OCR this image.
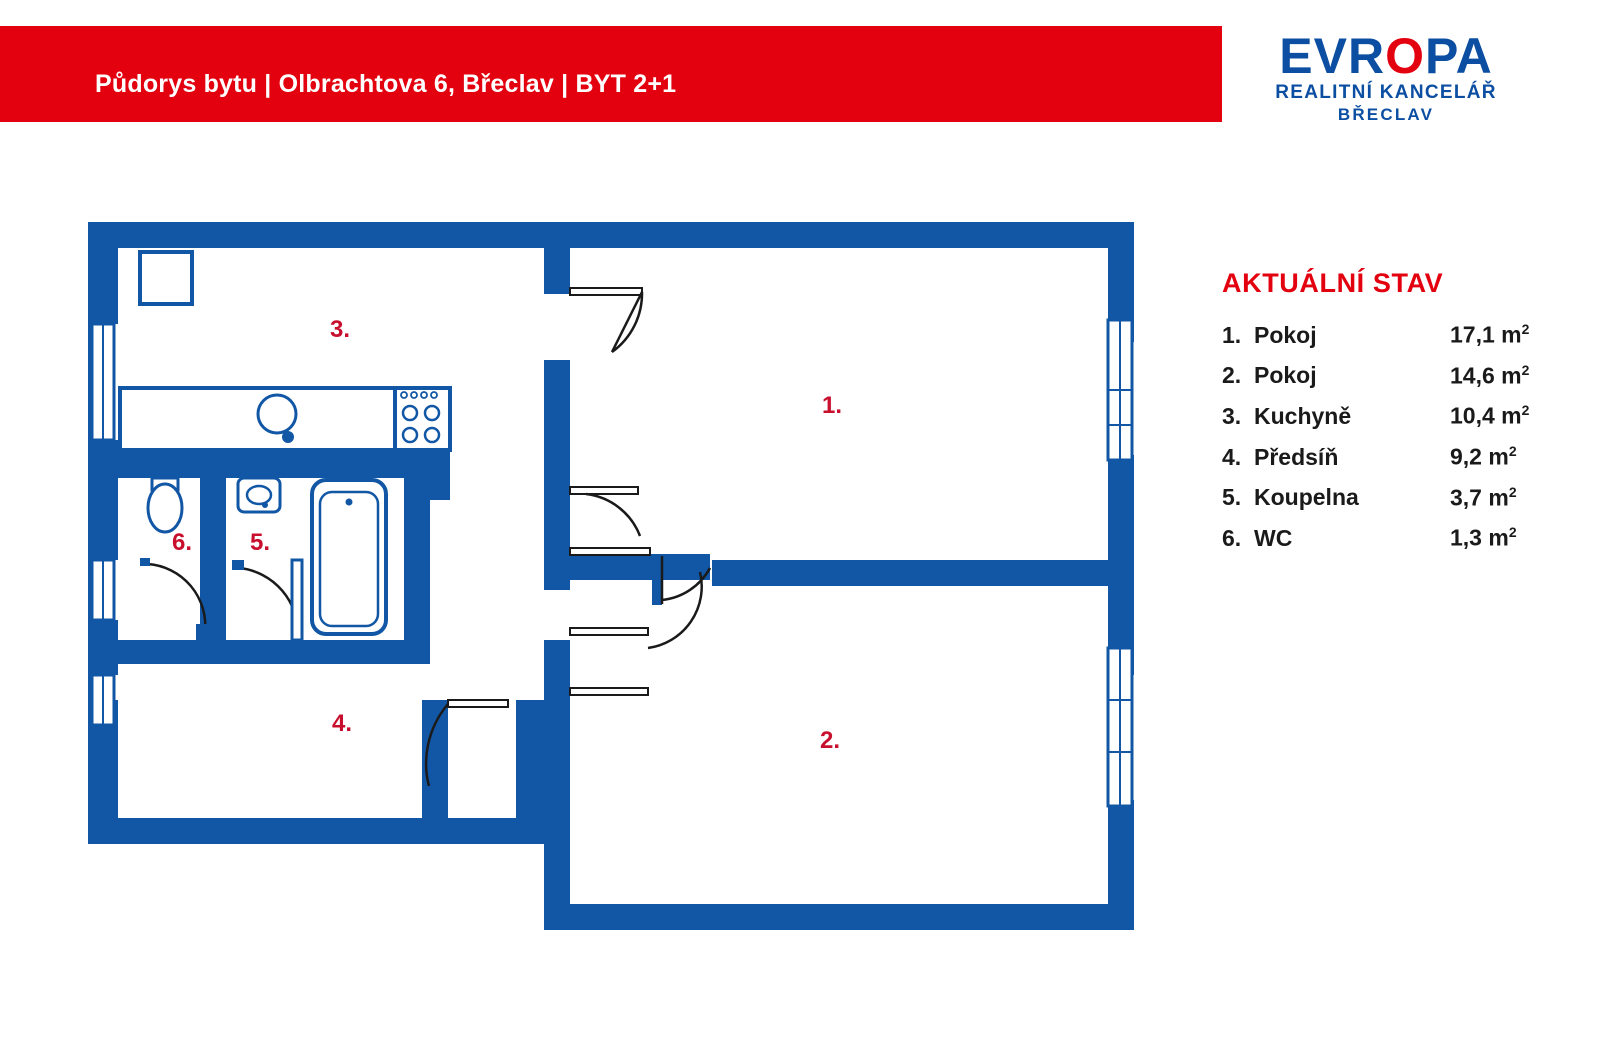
Půdorys bytu | Olbrachtova 6, Břeclav | BYT 2+1	EVROPA
REALITNÍ KANCELÁŘ
BŘECLAV
AKTUÁLNÍ STAV
1. Pokoj	17,1 $m^2$
2. Pokoj	14,6 $m^2$
3. Kuchyně	10,4 $m^2$
4. Předsíň	9,2 $m^2$
5. Koupelna	3,7 $m^2$
6. WC	1,3 $m^2$
3.
1.
6. 5.
4.
2.
